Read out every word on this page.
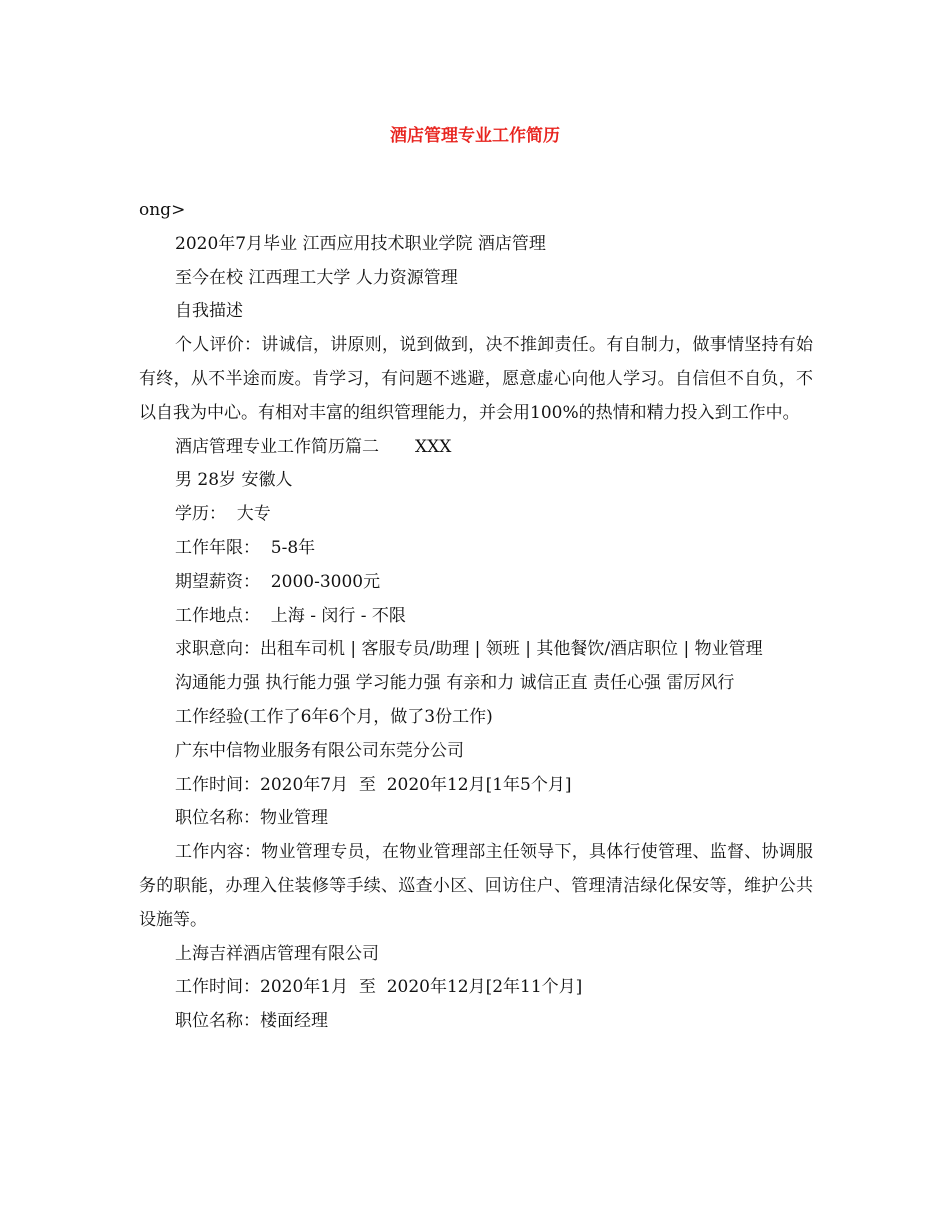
酒店管理专业工作简历

ong>

2020年7月毕业 江西应用技术职业学院 酒店管理

至今在校 江西理工大学 人力资源管理

自我描述

个人评价：讲诚信，讲原则，说到做到，决不推卸责任。有自制力，做事情坚持有始有终，从不半途而废。肯学习，有问题不逃避，愿意虚心向他人学习。自信但不自负，不以自我为中心。有相对丰富的组织管理能力，并会用100%的热情和精力投入到工作中。

酒店管理专业工作简历篇二 XXX

男 28岁 安徽人

学历：  大专

工作年限：  5-8年

期望薪资：  2000-3000元

工作地点：  上海 - 闵行 - 不限

求职意向：出租车司机 | 客服专员/助理 | 领班 | 其他餐饮/酒店职位 | 物业管理

沟通能力强 执行能力强 学习能力强 有亲和力 诚信正直 责任心强 雷厉风行

工作经验(工作了6年6个月，做了3份工作)

广东中信物业服务有限公司东莞分公司

工作时间：2020年7月  至  2020年12月[1年5个月]

职位名称：物业管理

工作内容：物业管理专员，在物业管理部主任领导下，具体行使管理、监督、协调服务的职能，办理入住装修等手续、巡查小区、回访住户、管理清洁绿化保安等，维护公共设施等。

上海吉祥酒店管理有限公司

工作时间：2020年1月  至  2020年12月[2年11个月]

职位名称：楼面经理
